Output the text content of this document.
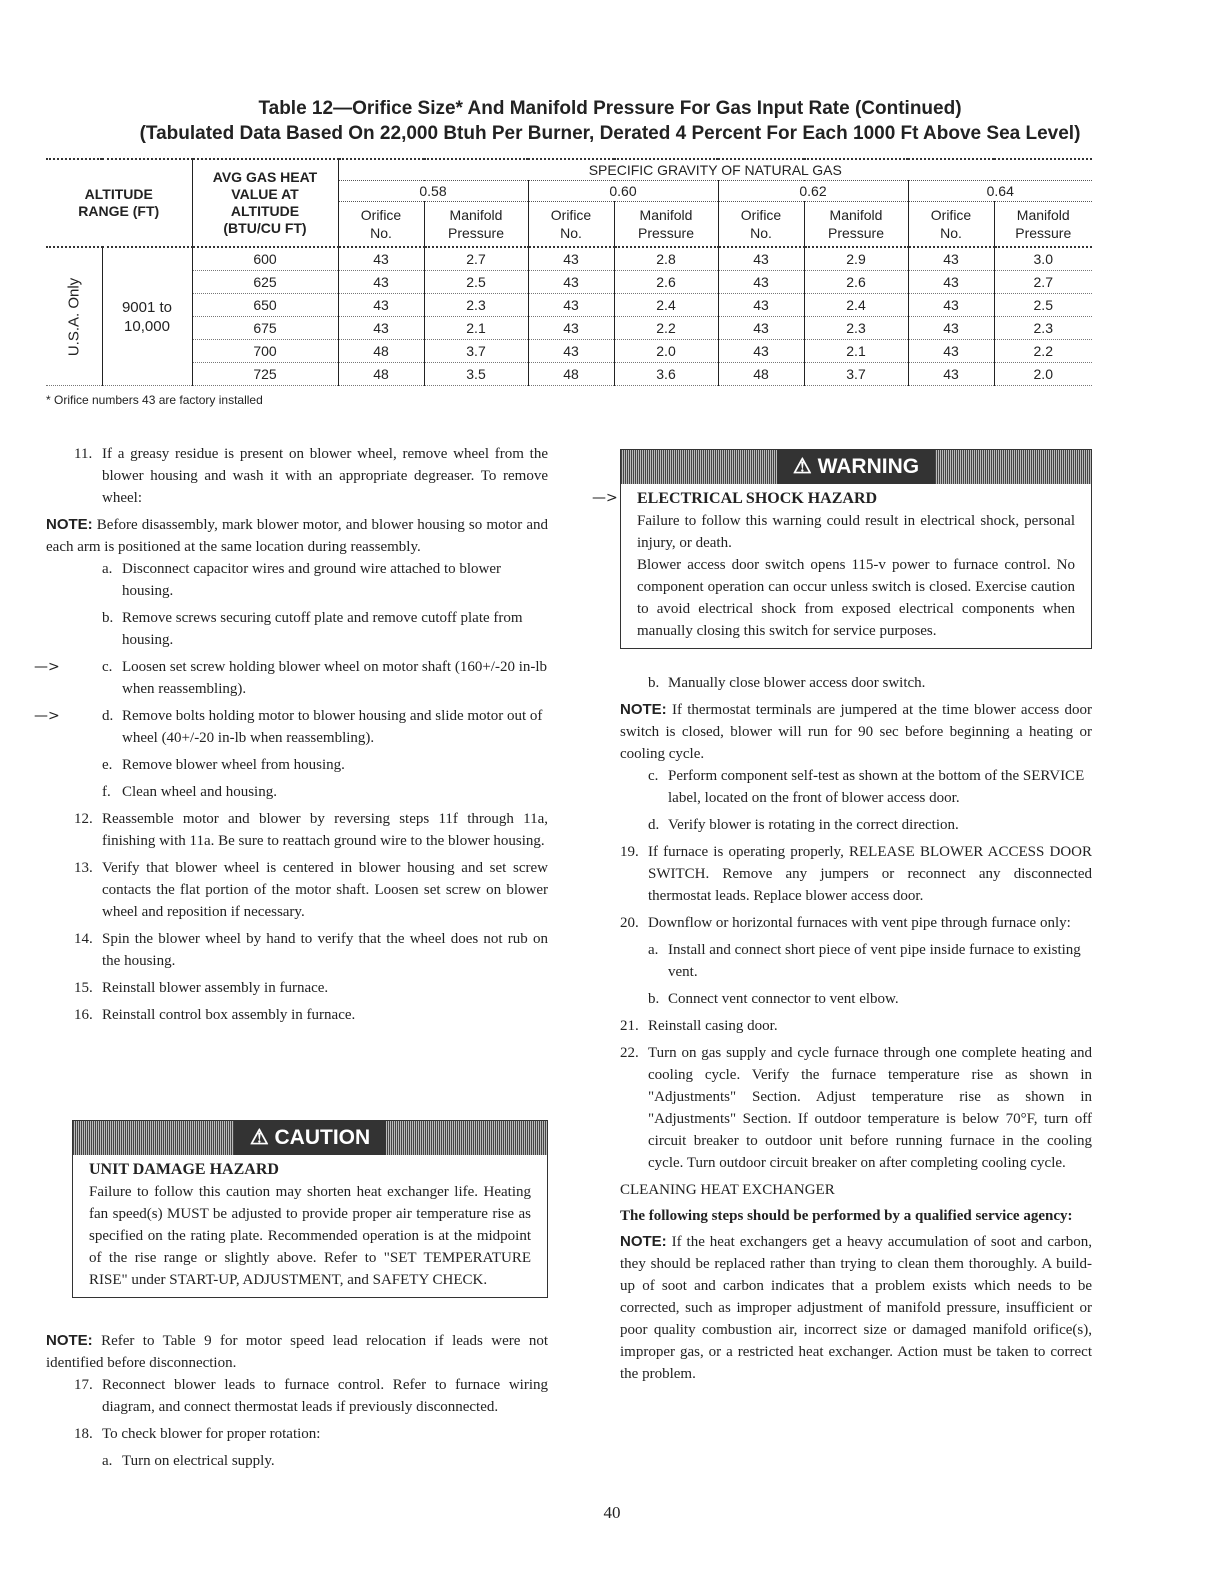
Table 12—Orifice Size* And Manifold Pressure For Gas Input Rate (Continued)
(Tabulated Data Based On 22,000 Btuh Per Burner, Derated 4 Percent For Each 1000 Ft Above Sea Level)
ALTITUDE RANGE (FT)		AVG GAS HEAT VALUE AT ALTITUDE (BTU/CU FT)	SPECIFIC GRAVITY OF NATURAL GAS							
			0.58		0.60		0.62		0.64	

			Orifice No.	Manifold Pressure	Orifice No.	Manifold Pressure	Orifice No.	Manifold Pressure	Orifice No.	Manifold Pressure

U.S.A. Only	9001 to 10,000	600	43	2.7	43	2.8	43	2.9	43	3.0
		625	43	2.5	43	2.6	43	2.6	43	2.7
		650	43	2.3	43	2.4	43	2.4	43	2.5
		675	43	2.1	43	2.2	43	2.3	43	2.3
		700	48	3.7	43	2.0	43	2.1	43	2.2
		725	48	3.5	48	3.6	48	3.7	43	2.0
* Orifice numbers 43 are factory installed
11. If a greasy residue is present on blower wheel, remove wheel from the blower housing and wash it with an appropriate degreaser. To remove wheel:

NOTE: Before disassembly, mark blower motor, and blower housing so motor and each arm is positioned at the same location during reassembly.

a. Disconnect capacitor wires and ground wire attached to blower housing.
b. Remove screws securing cutoff plate and remove cutoff plate from housing.
—>	c. Loosen set screw holding blower wheel on motor shaft (160+/-20 in-lb when reassembling).
—>	d. Remove bolts holding motor to blower housing and slide motor out of wheel (40+/-20 in-lb when reassembling).
e. Remove blower wheel from housing.
f. Clean wheel and housing.
12. Reassemble motor and blower by reversing steps 11f through 11a, finishing with 11a. Be sure to reattach ground wire to the blower housing.
13. Verify that blower wheel is centered in blower housing and set screw contacts the flat portion of the motor shaft. Loosen set screw on blower wheel and reposition if necessary.
14. Spin the blower wheel by hand to verify that the wheel does not rub on the housing.
15. Reinstall blower assembly in furnace.
16. Reinstall control box assembly in furnace.
⚠ CAUTION
UNIT DAMAGE HAZARD
Failure to follow this caution may shorten heat exchanger life. Heating fan speed(s) MUST be adjusted to provide proper air temperature rise as specified on the rating plate. Recommended operation is at the midpoint of the rise range or slightly above. Refer to "SET TEMPERATURE RISE" under START-UP, ADJUSTMENT, and SAFETY CHECK.

NOTE: Refer to Table 9 for motor speed lead relocation if leads were not identified before disconnection.

17. Reconnect blower leads to furnace control. Refer to furnace wiring diagram, and connect thermostat leads if previously disconnected.
18. To check blower for proper rotation:
a. Turn on electrical supply.
—>
⚠ WARNING
ELECTRICAL SHOCK HAZARD
Failure to follow this warning could result in electrical shock, personal injury, or death.
Blower access door switch opens 115-v power to furnace control. No component operation can occur unless switch is closed. Exercise caution to avoid electrical shock from exposed electrical components when manually closing this switch for service purposes.
b. Manually close blower access door switch.

NOTE: If thermostat terminals are jumpered at the time blower access door switch is closed, blower will run for 90 sec before beginning a heating or cooling cycle.

c. Perform component self-test as shown at the bottom of the SERVICE label, located on the front of blower access door.
d. Verify blower is rotating in the correct direction.
19. If furnace is operating properly, RELEASE BLOWER ACCESS DOOR SWITCH. Remove any jumpers or reconnect any disconnected thermostat leads. Replace blower access door.
20. Downflow or horizontal furnaces with vent pipe through furnace only:
a. Install and connect short piece of vent pipe inside furnace to existing vent.
b. Connect vent connector to vent elbow.
21. Reinstall casing door.
22. Turn on gas supply and cycle furnace through one complete heating and cooling cycle. Verify the furnace temperature rise as shown in "Adjustments" Section. Adjust temperature rise as shown in "Adjustments" Section. If outdoor temperature is below 70°F, turn off circuit breaker to outdoor unit before running furnace in the cooling cycle. Turn outdoor circuit breaker on after completing cooling cycle.

CLEANING HEAT EXCHANGER

The following steps should be performed by a qualified service agency:

NOTE: If the heat exchangers get a heavy accumulation of soot and carbon, they should be replaced rather than trying to clean them thoroughly. A build-up of soot and carbon indicates that a problem exists which needs to be corrected, such as improper adjustment of manifold pressure, insufficient or poor quality combustion air, incorrect size or damaged manifold orifice(s), improper gas, or a restricted heat exchanger. Action must be taken to correct the problem.

40
